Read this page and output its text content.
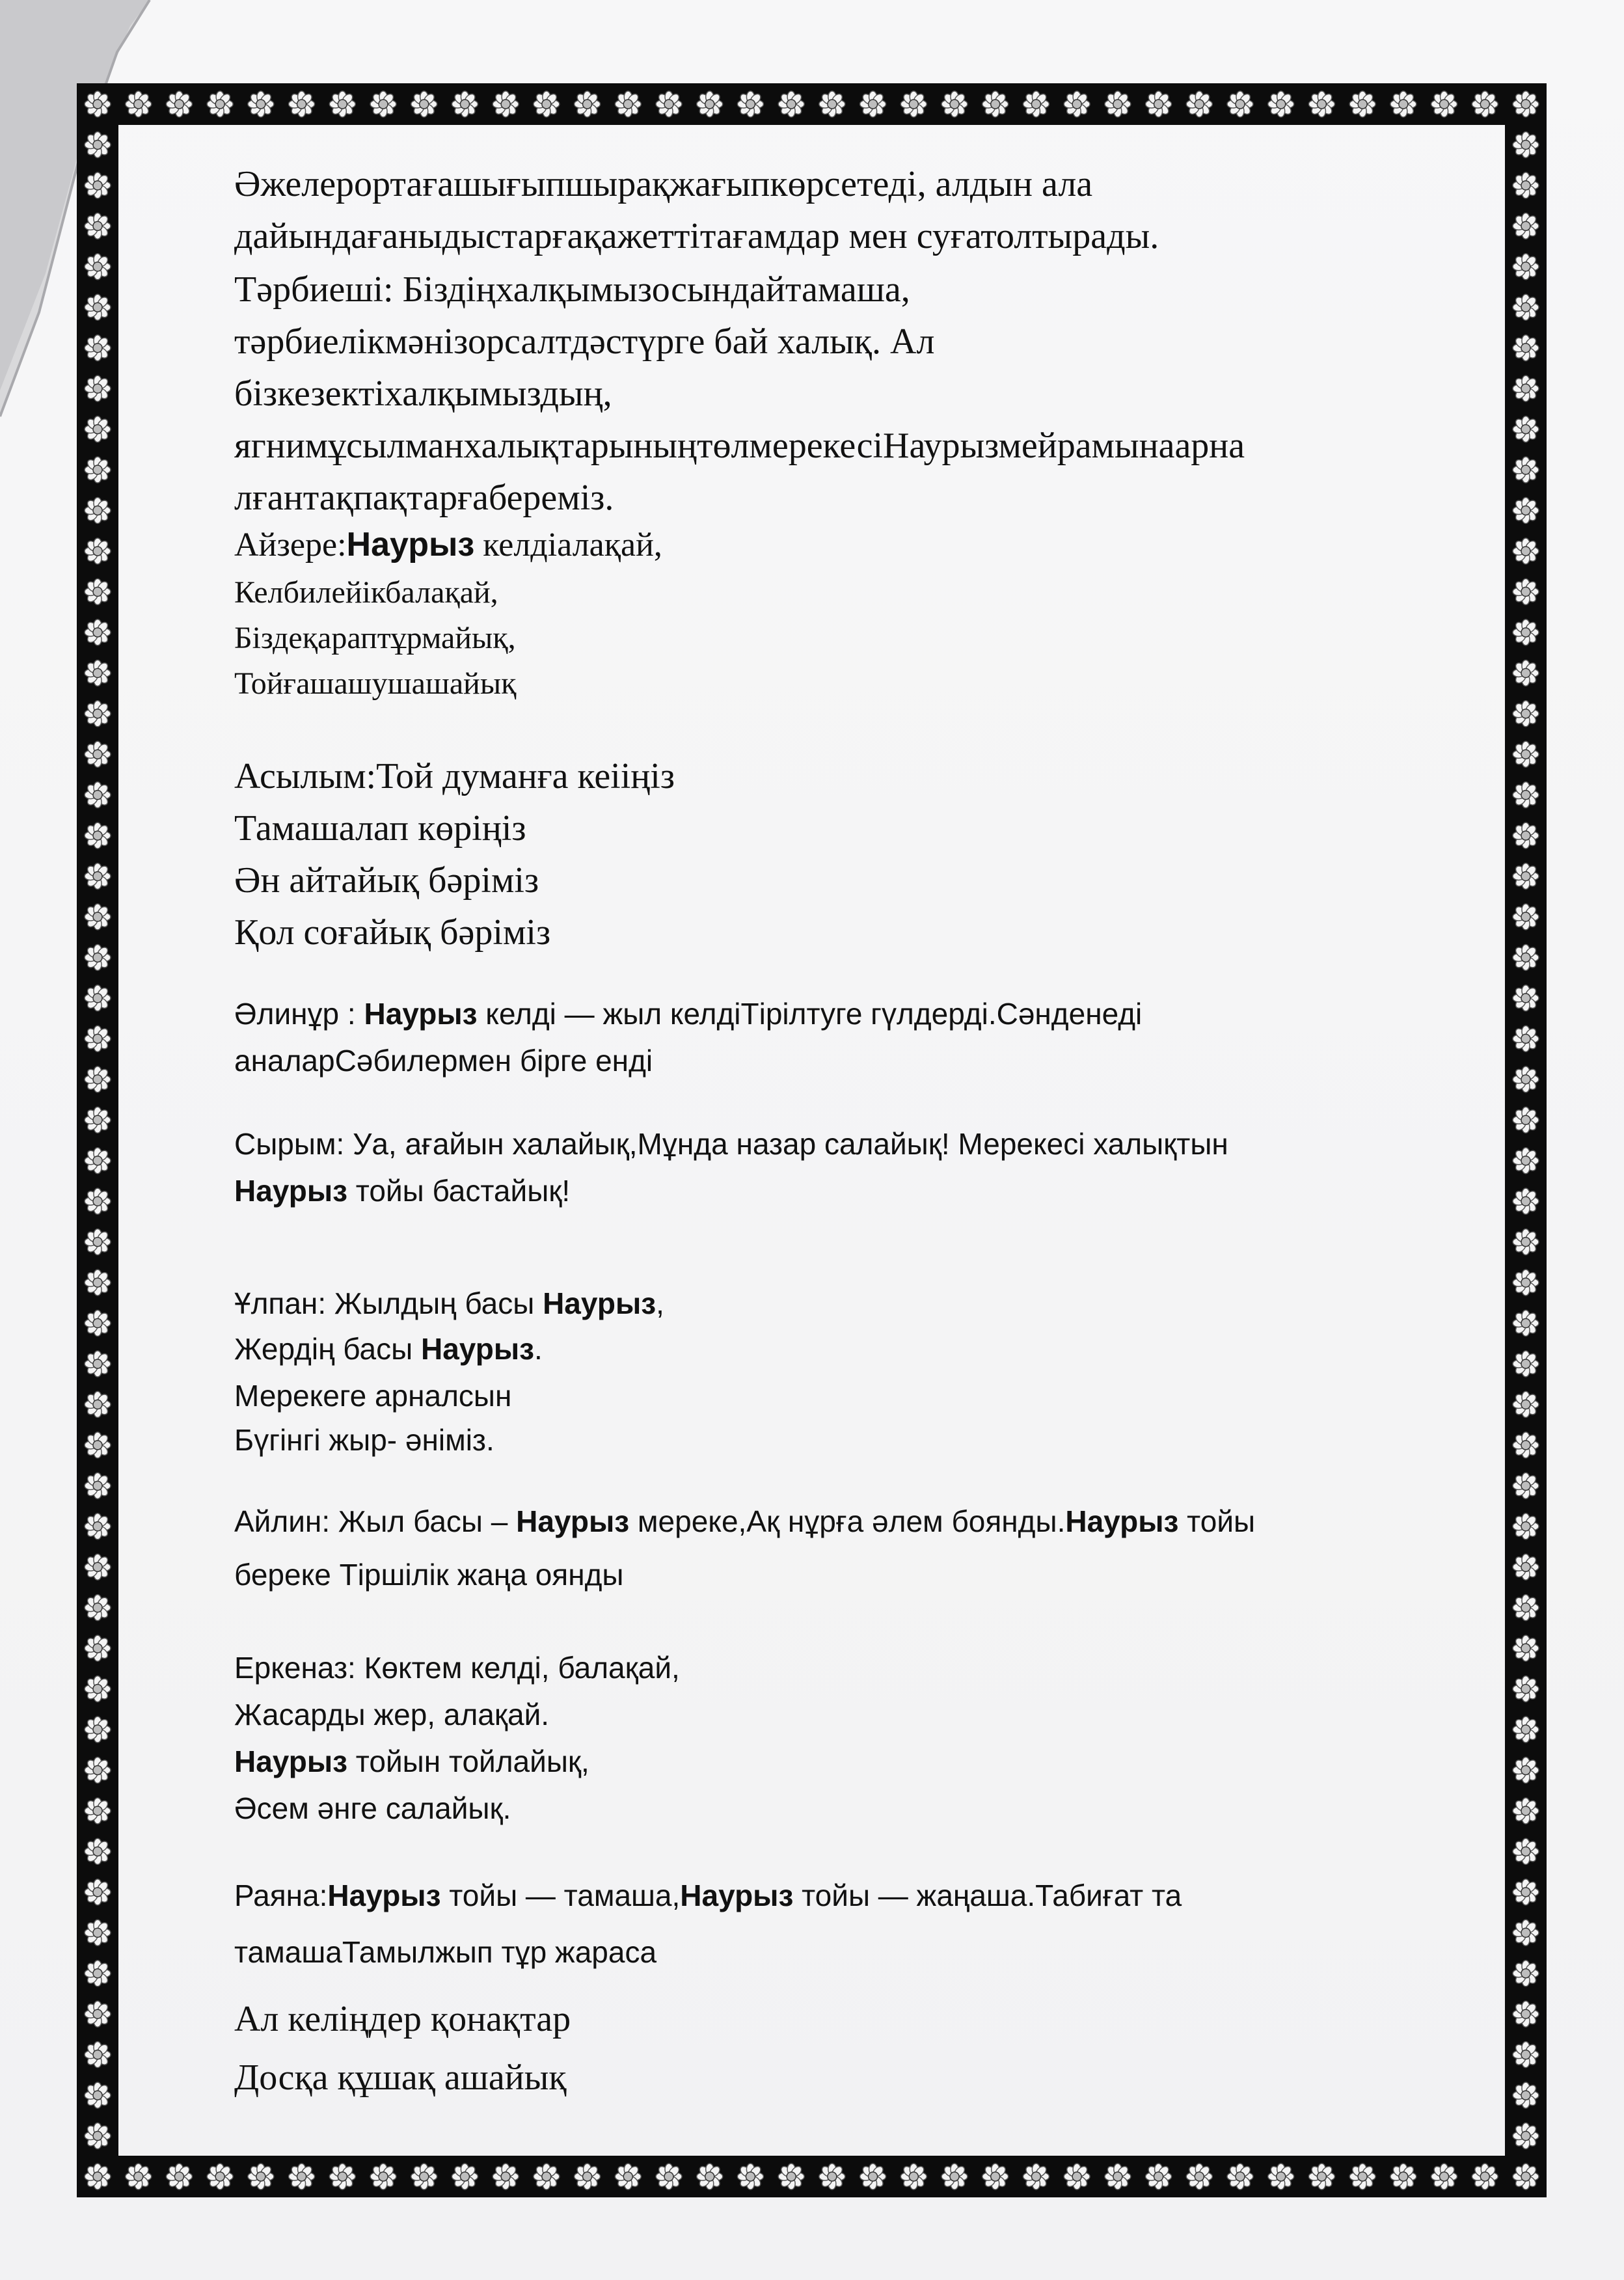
Әжелерортағашығыпшырақжағыпкөрсетеді, алдын ала
дайындағаныдыстарғақажеттітағамдар мен суғатолтырады.
Тәрбиеші: Біздіңхалқымызосындайтамаша,
тәрбиелікмәнізорсалтдәстүрге бай халық. Ал
бізкезектіхалқымыздың,
ягнимұсылманхалықтарыныңтөлмерекесіНаурызмейрамынаарна
лғантақпақтарғабереміз.
Айзере:Наурыз келдіалақай,
Келбилейікбалақай,
Біздеқараптұрмайық,
Тойғашашушашайық
Асылым:Той думанға кеііңіз
Тамашалап көріңіз
Ән айтайық бәріміз
Қол соғайық бәріміз
Әлинұр : Наурыз келді — жыл келдіТірілтуге гүлдерді.Сәнденеді
аналарСәбилермен бірге енді
Сырым: Уа, ағайын халайық,Мұнда назар салайық! Мерекесі халықтын
Наурыз тойы бастайық!
Ұлпан: Жылдың басы Наурыз,
Жердің басы Наурыз.
Мерекеге арналсын
Бүгінгі жыр- әніміз.
Айлин: Жыл басы – Наурыз мереке,Ақ нұрға әлем боянды.Наурыз тойы
береке Тіршілік жаңа оянды
Еркеназ: Көктем келді, балақай,
Жасарды жер, алақай.
Наурыз тойын тойлайық,
Әсем әнге салайық.
Раяна:Наурыз тойы — тамаша,Наурыз тойы — жаңаша.Табиғат та
тамашаТамылжып тұр жараса
Ал келіңдер қонақтар
Досқа құшақ ашайық
